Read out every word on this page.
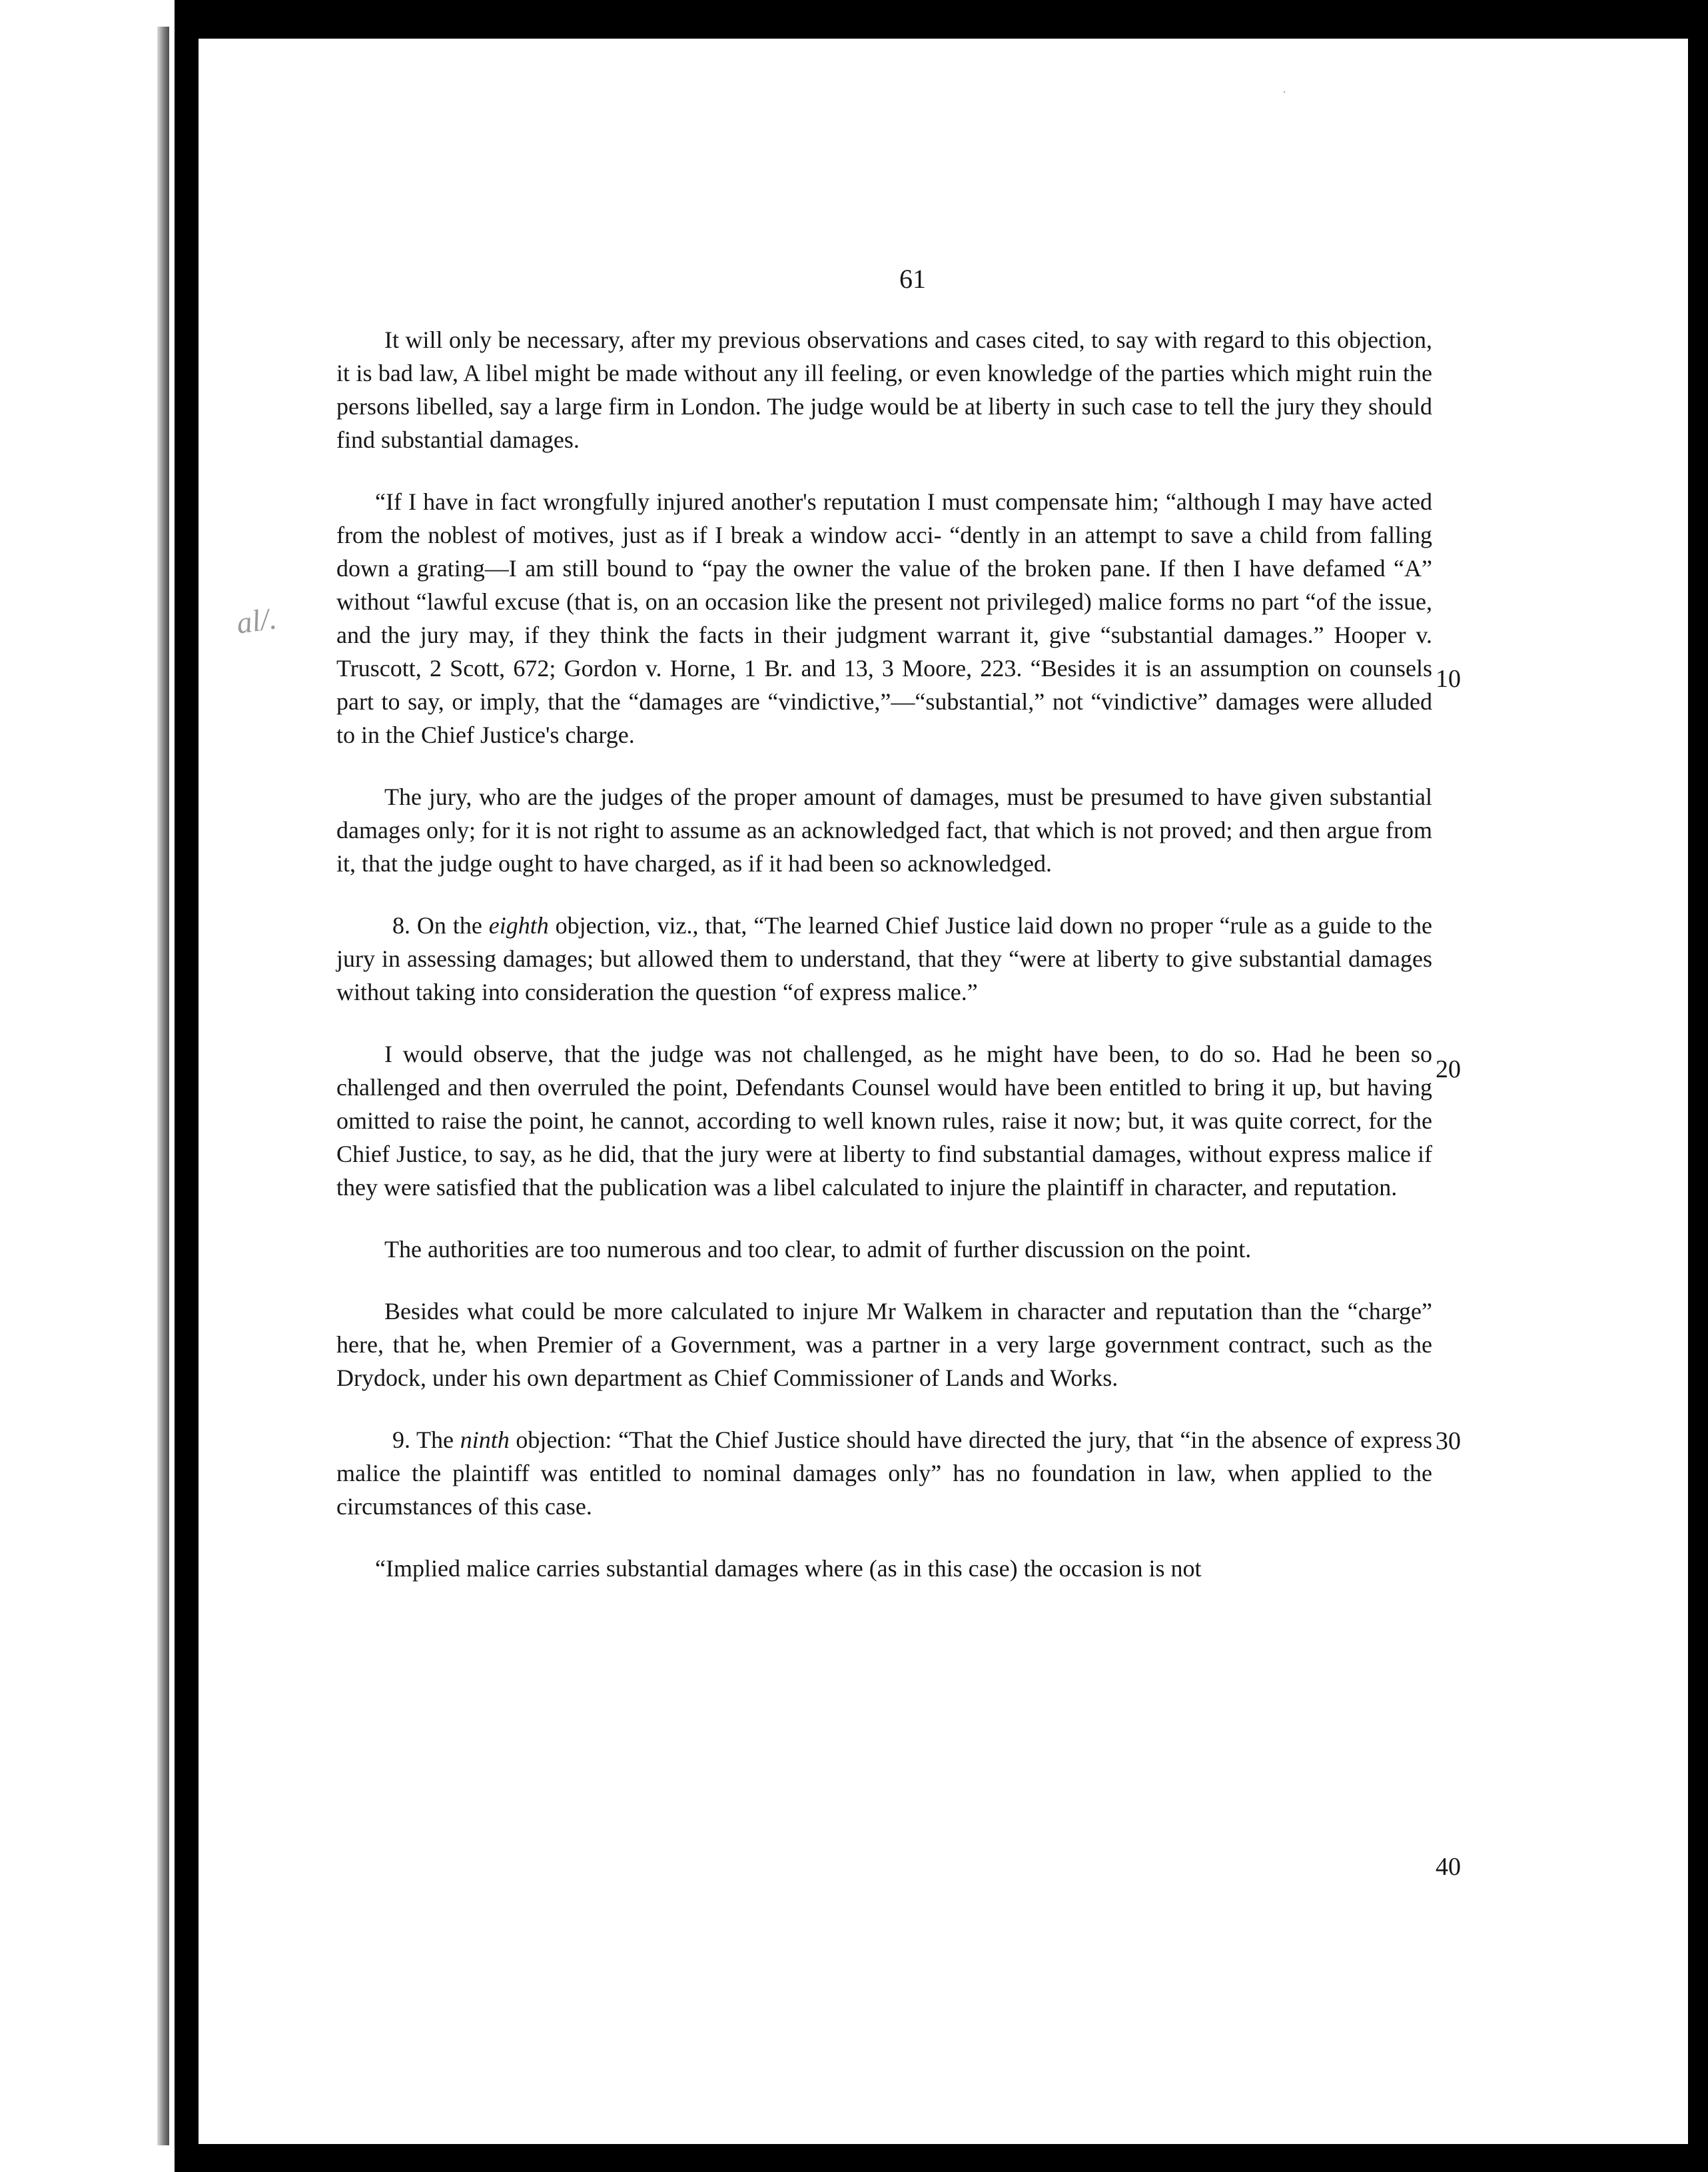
·

61

al/.

It will only be necessary, after my previous observations and cases cited, to say with regard to this objection, it is bad law, A libel might be made without any ill feeling, or even knowledge of the parties which might ruin the persons libelled, say a large firm in London. The judge would be at liberty in such case to tell the jury they should find substantial damages.

“If I have in fact wrongfully injured another's reputation I must compensate him; “although I may have acted from the noblest of motives, just as if I break a window acci- “dently in an attempt to save a child from falling down a grating—I am still bound to “pay the owner the value of the broken pane. If then I have defamed “A” without “lawful excuse (that is, on an occasion like the present not privileged) malice forms no part “of the issue, and the jury may, if they think the facts in their judgment warrant it, give “substantial damages.” Hooper v. Truscott, 2 Scott, 672; Gordon v. Horne, 1 Br. and 13, 3 Moore, 223. “Besides it is an assumption on counsels part to say, or imply, that the “damages are “vindictive,”—“substantial,” not “vindictive” damages were alluded to in the Chief Justice's charge.

The jury, who are the judges of the proper amount of damages, must be presumed to have given substantial damages only; for it is not right to assume as an acknowledged fact, that which is not proved; and then argue from it, that the judge ought to have charged, as if it had been so acknowledged.

8. On the eighth objection, viz., that, “The learned Chief Justice laid down no proper “rule as a guide to the jury in assessing damages; but allowed them to understand, that they “were at liberty to give substantial damages without taking into consideration the question “of express malice.”

I would observe, that the judge was not challenged, as he might have been, to do so. Had he been so challenged and then overruled the point, Defendants Counsel would have been entitled to bring it up, but having omitted to raise the point, he cannot, according to well known rules, raise it now; but, it was quite correct, for the Chief Justice, to say, as he did, that the jury were at liberty to find substantial damages, without express malice if they were satisfied that the publication was a libel calculated to injure the plaintiff in character, and reputation.

The authorities are too numerous and too clear, to admit of further discussion on the point.

Besides what could be more calculated to injure Mr Walkem in character and reputation than the “charge” here, that he, when Premier of a Government, was a partner in a very large government contract, such as the Drydock, under his own department as Chief Commissioner of Lands and Works.

9. The ninth objection: “That the Chief Justice should have directed the jury, that “in the absence of express malice the plaintiff was entitled to nominal damages only” has no foundation in law, when applied to the circumstances of this case.

“Implied malice carries substantial damages where (as in this case) the occasion is not

10
20
30
40
